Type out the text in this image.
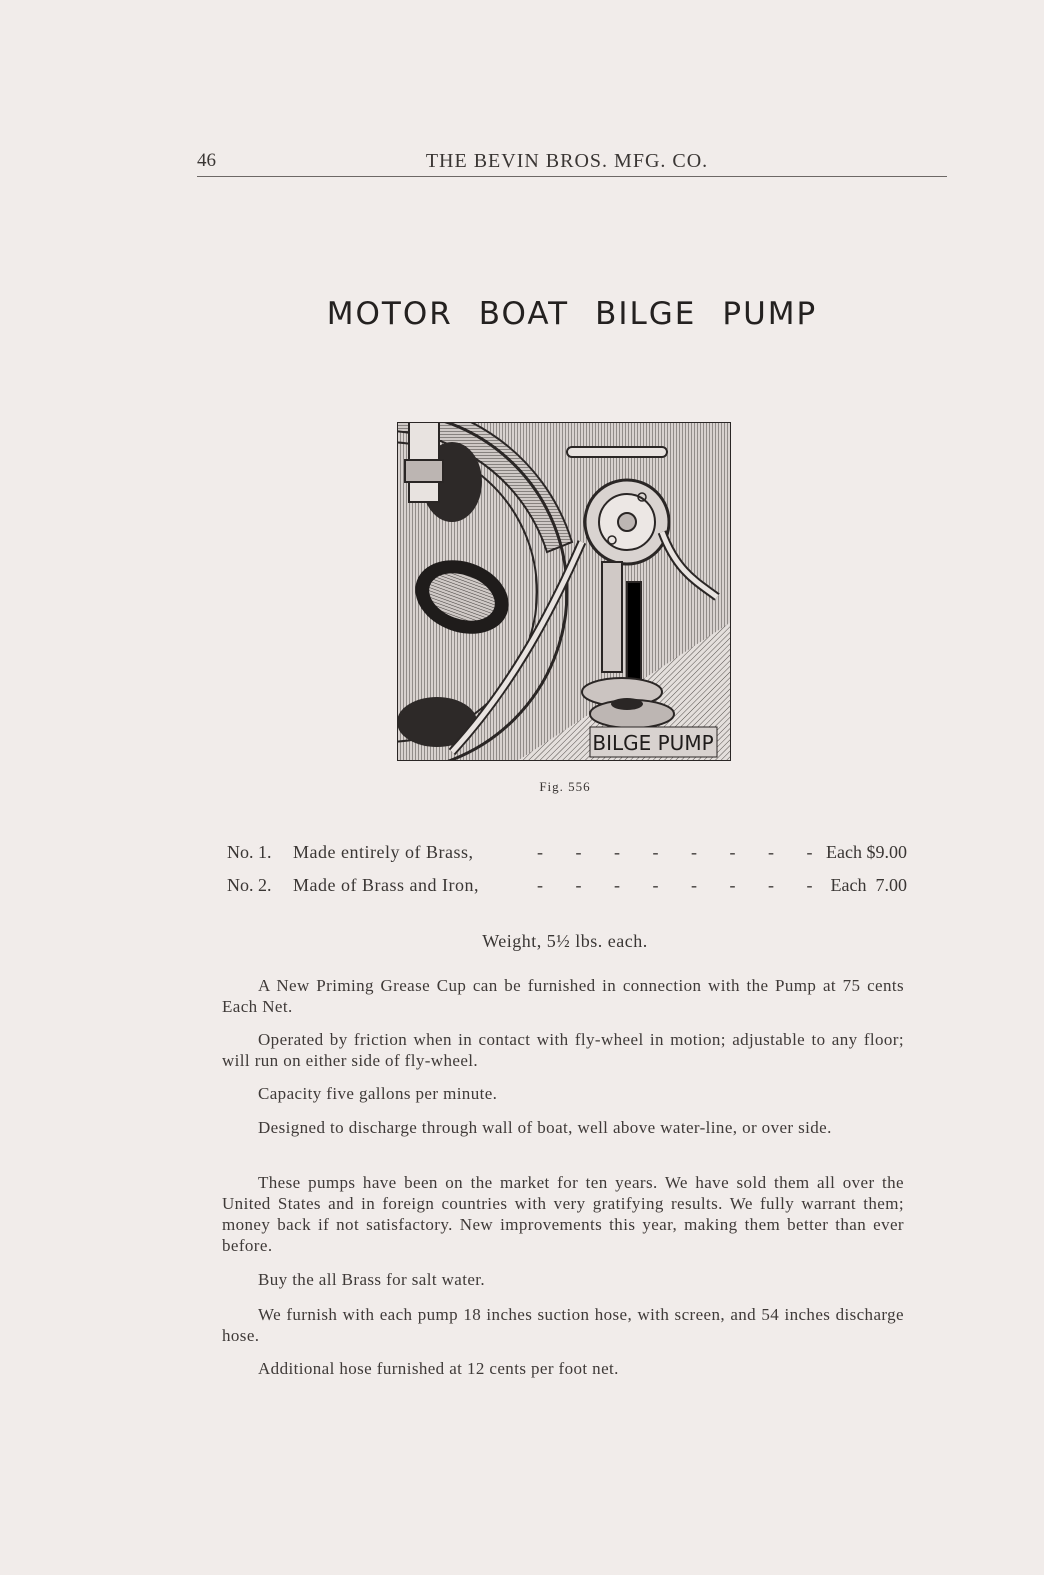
46	THE BEVIN BROS. MFG. CO.
MOTOR BOAT BILGE PUMP
BILGE PUMP
Fig. 556
No. 1. Made entirely of Brass,	- - - - - - - - Each $9.00
No. 2. Made of Brass and Iron,	- - - - - - - - Each  7.00
Weight, 5½ lbs. each.

A New Priming Grease Cup can be furnished in connection with the Pump at 75 cents Each Net.

Operated by friction when in contact with fly-wheel in motion; adjustable to any floor; will run on either side of fly-wheel.

Capacity five gallons per minute.

Designed to discharge through wall of boat, well above water-line, or over side.

These pumps have been on the market for ten years. We have sold them all over the United States and in foreign countries with very gratifying results. We fully warrant them; money back if not satisfactory. New improvements this year, making them better than ever before.

Buy the all Brass for salt water.

We furnish with each pump 18 inches suction hose, with screen, and 54 inches discharge hose.

Additional hose furnished at 12 cents per foot net.
